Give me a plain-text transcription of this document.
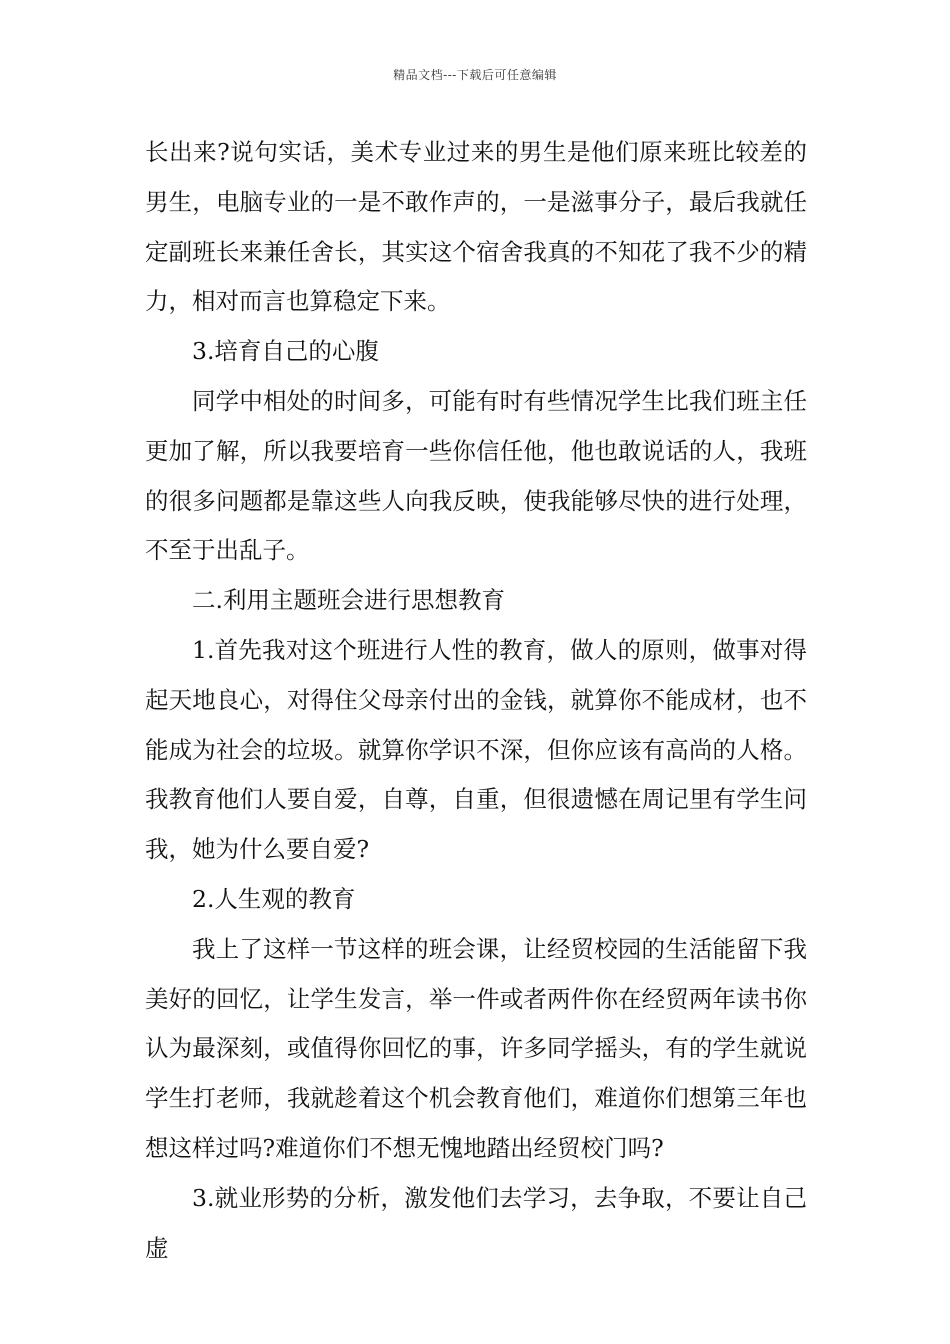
精品文档---下载后可任意编辑

长出来?说句实话，美术专业过来的男生是他们原来班比较差的男生，电脑专业的一是不敢作声的，一是滋事分子，最后我就任定副班长来兼任舍长，其实这个宿舍我真的不知花了我不少的精力，相对而言也算稳定下来。

3.培育自己的心腹

同学中相处的时间多，可能有时有些情况学生比我们班主任更加了解，所以我要培育一些你信任他，他也敢说话的人，我班的很多问题都是靠这些人向我反映，使我能够尽快的进行处理，不至于出乱子。

二.利用主题班会进行思想教育

1.首先我对这个班进行人性的教育，做人的原则，做事对得起天地良心，对得住父母亲付出的金钱，就算你不能成材，也不能成为社会的垃圾。就算你学识不深，但你应该有高尚的人格。我教育他们人要自爱，自尊，自重，但很遗憾在周记里有学生问我，她为什么要自爱?

2.人生观的教育

我上了这样一节这样的班会课，让经贸校园的生活能留下我美好的回忆，让学生发言，举一件或者两件你在经贸两年读书你认为最深刻，或值得你回忆的事，许多同学摇头，有的学生就说学生打老师，我就趁着这个机会教育他们，难道你们想第三年也想这样过吗?难道你们不想无愧地踏出经贸校门吗?

3.就业形势的分析，激发他们去学习，去争取，不要让自己虚
